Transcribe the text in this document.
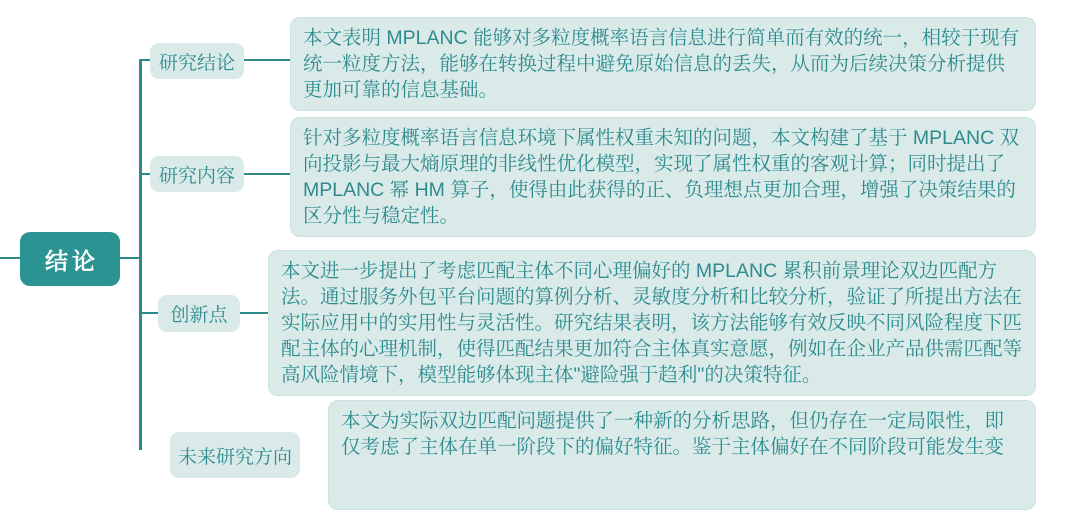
结论
研究结论
研究内容
创新点
未来研究方向
本文表明 MPLANC 能够对多粒度概率语言信息进行简单而有效的统一，相较于现有统一粒度方法，能够在转换过程中避免原始信息的丢失，从而为后续决策分析提供更加可靠的信息基础。
针对多粒度概率语言信息环境下属性权重未知的问题，本文构建了基于 MPLANC 双向投影与最大熵原理的非线性优化模型，实现了属性权重的客观计算；同时提出了 MPLANC 幂 HM 算子，使得由此获得的正、负理想点更加合理，增强了决策结果的区分性与稳定性。
本文进一步提出了考虑匹配主体不同心理偏好的 MPLANC 累积前景理论双边匹配方法。通过服务外包平台问题的算例分析、灵敏度分析和比较分析，验证了所提出方法在实际应用中的实用性与灵活性。研究结果表明，该方法能够有效反映不同风险程度下匹配主体的心理机制，使得匹配结果更加符合主体真实意愿，例如在企业产品供需匹配等高风险情境下，模型能够体现主体"避险强于趋利"的决策特征。
本文为实际双边匹配问题提供了一种新的分析思路，但仍存在一定局限性，即仅考虑了主体在单一阶段下的偏好特征。鉴于主体偏好在不同阶段可能发生变
